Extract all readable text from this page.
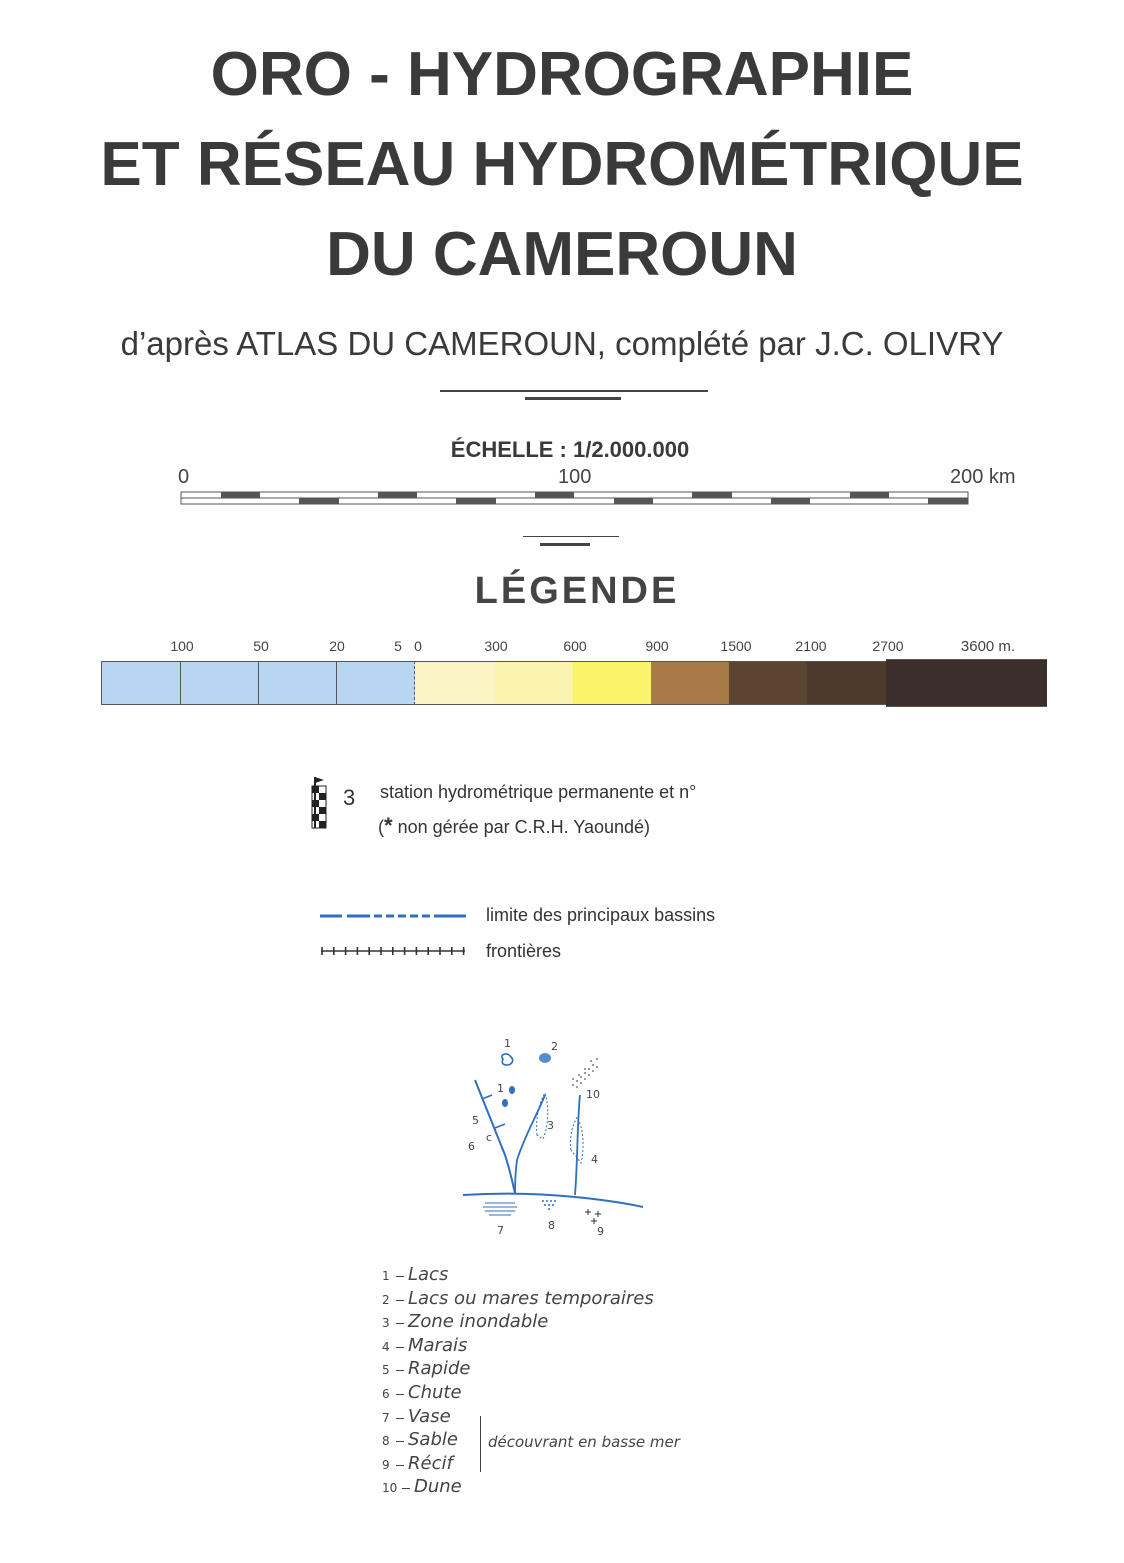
ORO - HYDROGRAPHIE
ET RÉSEAU HYDROMÉTRIQUE
DU CAMEROUN
d’après ATLAS DU CAMEROUN, complété par J.C. OLIVRY
ÉCHELLE : 1/2.000.000
0	100	200 km
LÉGENDE
100	50	20	5 0	300	600	900	1500	2100	2700	3600 m.
3 station hydrométrique permanente et n°
(* non gérée par C.R.H. Yaoundé)
limite des principaux bassins
frontières
1	2
1
5
c
6
3
4
10
7	8	9
1 Lacs
2 Lacs ou mares temporaires
3 Zone inondable
4 Marais
5 Rapide
6 Chute
7 Vase
8 Sable
9 Récif
10 Dune
découvrant en basse mer
